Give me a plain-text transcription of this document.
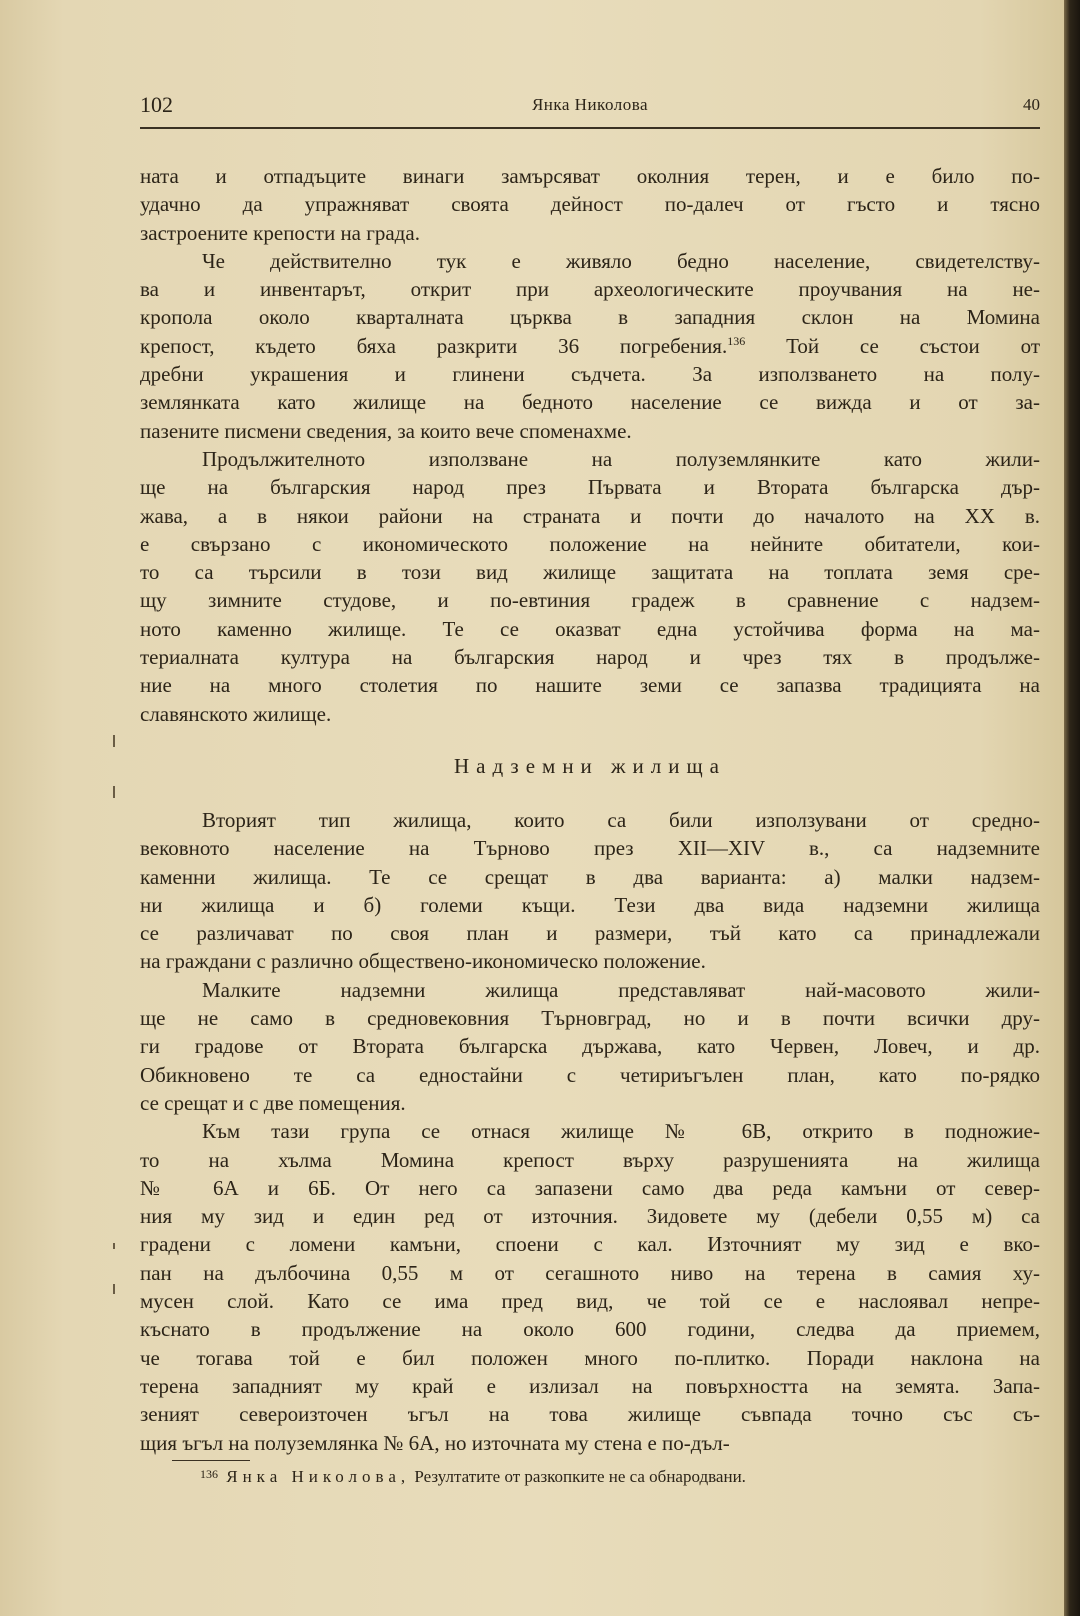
102	Янка Николова	40
ната и отпадъците винаги замърсяват околния терен, и е било по-
удачно да упражняват своята дейност по-далеч от гъсто и тясно
застроените крепости на града.
Че действително тук е живяло бедно население, свидетелству-
ва и инвентарът, открит при археологическите проучвания на не-
крополa около кварталната църква в западния склон на Момина
крепост, където бяха разкрити 36 погребения.$^{136}$ Той се състои от
дребни украшения и глинени съдчета. За използването на полу-
землянката като жилище на бедното население се вижда и от за-
пазените писмени сведения, за които вече споменахме.
Продължителното използване на полуземлянките като жили-
ще на българския народ през Първата и Втората българска дър-
жава, а в някои райони на страната и почти до началото на XX в.
е свързано с икономическото положение на нейните обитатели, кои-
то са търсили в този вид жилище защитата на топлата земя сре-
щу зимните студове, и по-евтиния градеж в сравнение с надзем-
ното каменно жилище. Те се оказват една устойчива форма на ма-
териалната култура на българския народ и чрез тях в продълже-
ние на много столетия по нашите земи се запазва традицията на
славянското жилище.
Надземни жилища
Вторият тип жилища, които са били използувани от средно-
вековното население на Търново през XII—XIV в., са надземните
каменни жилища. Те се срещат в два варианта: а) малки надзем-
ни жилища и б) големи къщи. Тези два вида надземни жилища
се различават по своя план и размери, тъй като са принадлежали
на граждани с различно обществено-икономическо положение.
Малките надземни жилища представляват най-масовото жили-
ще не само в средновековния Търновград, но и в почти всички дру-
ги градове от Втората българска държава, като Червен, Ловеч, и др.
Обикновено те са едностайни с четириъгълен план, като по-рядко
се срещат и с две помещения.
Към тази група се отнася жилище № 6В, открито в подножие-
то на хълма Момина крепост върху разрушенията на жилища
№ 6А и 6Б. От него са запазени само два реда камъни от север-
ния му зид и един ред от източния. Зидовете му (дебели 0,55 м) са
градени с ломени камъни, споени с кал. Източният му зид е вко-
пан на дълбочина 0,55 м от сегашното ниво на терена в самия ху-
мусен слой. Като се има пред вид, че той се е наслоявал непре-
къснато в продължение на около 600 години, следва да приемем,
че тогава той е бил положен много по-плитко. Поради наклона на
терена западният му край е излизал на повърхността на земята. Запа-
зеният североизточен ъгъл на това жилище съвпада точно със съ-
щия ъгъл на полуземлянка № 6А, но източната му стена е по-дъл-
$^{136}$ Янка Николова, Резултатите от разкопките не са обнародвани.
